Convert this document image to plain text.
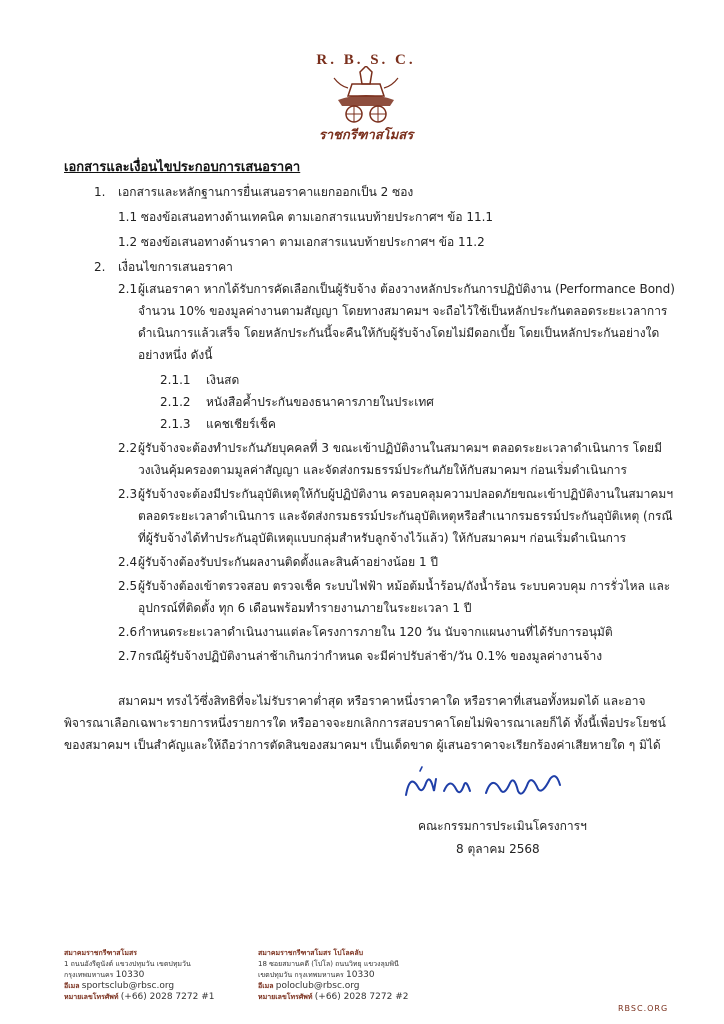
R. B. S. C.
ราชกรีฑาสโมสร
เอกสารและเงื่อนไขประกอบการเสนอราคา
1. เอกสารและหลักฐานการยื่นเสนอราคาแยกออกเป็น 2 ซอง
1.1 ซองข้อเสนอทางด้านเทคนิค ตามเอกสารแนบท้ายประกาศฯ ข้อ 11.1
1.2 ซองข้อเสนอทางด้านราคา ตามเอกสารแนบท้ายประกาศฯ ข้อ 11.2
2. เงื่อนไขการเสนอราคา
2.1 ผู้เสนอราคา หากได้รับการคัดเลือกเป็นผู้รับจ้าง ต้องวางหลักประกันการปฏิบัติงาน (Performance Bond)
จำนวน 10% ของมูลค่างานตามสัญญา โดยทางสมาคมฯ จะถือไว้ใช้เป็นหลักประกันตลอดระยะเวลาการ
ดำเนินการแล้วเสร็จ โดยหลักประกันนี้จะคืนให้กับผู้รับจ้างโดยไม่มีดอกเบี้ย โดยเป็นหลักประกันอย่างใด
อย่างหนึ่ง ดังนี้
2.1.1 เงินสด
2.1.2 หนังสือค้ำประกันของธนาคารภายในประเทศ
2.1.3 แคชเชียร์เช็ค
2.2 ผู้รับจ้างจะต้องทำประกันภัยบุคคลที่ 3 ขณะเข้าปฏิบัติงานในสมาคมฯ ตลอดระยะเวลาดำเนินการ โดยมี
วงเงินคุ้มครองตามมูลค่าสัญญา และจัดส่งกรมธรรม์ประกันภัยให้กับสมาคมฯ ก่อนเริ่มดำเนินการ
2.3 ผู้รับจ้างจะต้องมีประกันอุบัติเหตุให้กับผู้ปฏิบัติงาน ครอบคลุมความปลอดภัยขณะเข้าปฏิบัติงานในสมาคมฯ
ตลอดระยะเวลาดำเนินการ และจัดส่งกรมธรรม์ประกันอุบัติเหตุหรือสำเนากรมธรรม์ประกันอุบัติเหตุ (กรณี
ที่ผู้รับจ้างได้ทำประกันอุบัติเหตุแบบกลุ่มสำหรับลูกจ้างไว้แล้ว) ให้กับสมาคมฯ ก่อนเริ่มดำเนินการ
2.4 ผู้รับจ้างต้องรับประกันผลงานติดตั้งและสินค้าอย่างน้อย 1 ปี
2.5 ผู้รับจ้างต้องเข้าตรวจสอบ ตรวจเช็ค ระบบไฟฟ้า หม้อต้มน้ำร้อน/ถังน้ำร้อน ระบบควบคุม การรั่วไหล และ
อุปกรณ์ที่ติดตั้ง ทุก 6 เดือนพร้อมทำรายงานภายในระยะเวลา 1 ปี
2.6 กำหนดระยะเวลาดำเนินงานแต่ละโครงการภายใน 120 วัน นับจากแผนงานที่ได้รับการอนุมัติ
2.7 กรณีผู้รับจ้างปฏิบัติงานล่าช้าเกินกว่ากำหนด จะมีค่าปรับล่าช้า/วัน 0.1% ของมูลค่างานจ้าง
สมาคมฯ ทรงไว้ซึ่งสิทธิที่จะไม่รับราคาต่ำสุด หรือราคาหนึ่งราคาใด หรือราคาที่เสนอทั้งหมดได้ และอาจ
พิจารณาเลือกเฉพาะรายการหนึ่งรายการใด หรืออาจจะยกเลิกการสอบราคาโดยไม่พิจารณาเลยก็ได้ ทั้งนี้เพื่อประโยชน์
ของสมาคมฯ เป็นสำคัญและให้ถือว่าการตัดสินของสมาคมฯ เป็นเด็ดขาด ผู้เสนอราคาจะเรียกร้องค่าเสียหายใด ๆ มิได้
คณะกรรมการประเมินโครงการฯ
8 ตุลาคม 2568
สมาคมราชกรีฑาสโมสร
1 ถนนอังรีดูนังต์ แขวงปทุมวัน เขตปทุมวัน
กรุงเทพมหานคร 10330
อีเมล sportsclub@rbsc.org
หมายเลขโทรศัพท์ (+66) 2028 7272 #1
สมาคมราชกรีฑาสโมสร โปโลคลับ
18 ซอยสมานคดี (โปโล) ถนนวิทยุ แขวงลุมพินี
เขตปทุมวัน กรุงเทพมหานคร 10330
อีเมล poloclub@rbsc.org
หมายเลขโทรศัพท์ (+66) 2028 7272 #2
RBSC.ORG
